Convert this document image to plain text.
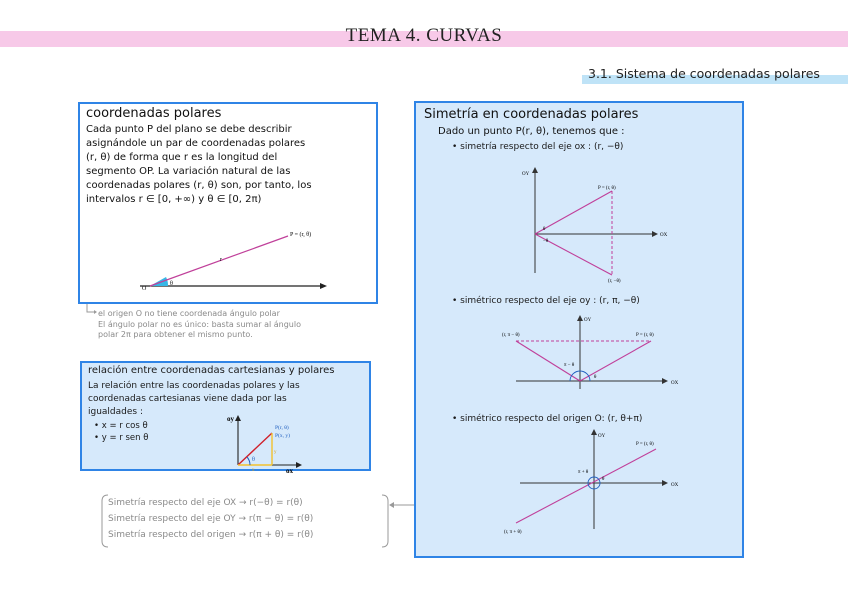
TEMA 4. CURVAS
3.1. Sistema de coordenadas polares
coordenadas polares
Cada punto P del plano se debe describir
asignándole un par de coordenadas polares
(r, θ) de forma que r es la longitud del
segmento OP. La variación natural de las
coordenadas polares (r, θ) son, por tanto, los
intervalos r ∈ [0, +∞) y θ ∈ [0, 2π)
P = (r, θ)
r
O
θ
el origen O no tiene coordenada ángulo polar
El ángulo polar no es único: basta sumar al ángulo
polar 2π para obtener el mismo punto.
relación entre coordenadas cartesianas y polares
La relación entre las coordenadas polares y las
coordenadas cartesianas viene dada por las
igualdades :
• x = r cos θ
• y = r sen θ
oy
ox
P(r, θ)
P(x, y)
θ
x
y
Simetría en coordenadas polares
Dado un punto P(r, θ), tenemos que :
• simetría respecto del eje ox : (r, −θ)
P = (r, θ)
(r, −θ)
OY
OX
θ
−θ
• simétrico respecto del eje oy : (r, π, −θ)
P = (r, θ)
(r, π − θ)
OY
OX
π − θ
θ
• simétrico respecto del origen O: (r, θ+π)
P = (r, θ)
(r, π + θ)
OY
OX
π + θ
θ
Simetría respecto del eje OX → r(−θ) = r(θ)
Simetría respecto del eje OY → r(π − θ) = r(θ)
Simetría respecto del origen → r(π + θ) = r(θ)
